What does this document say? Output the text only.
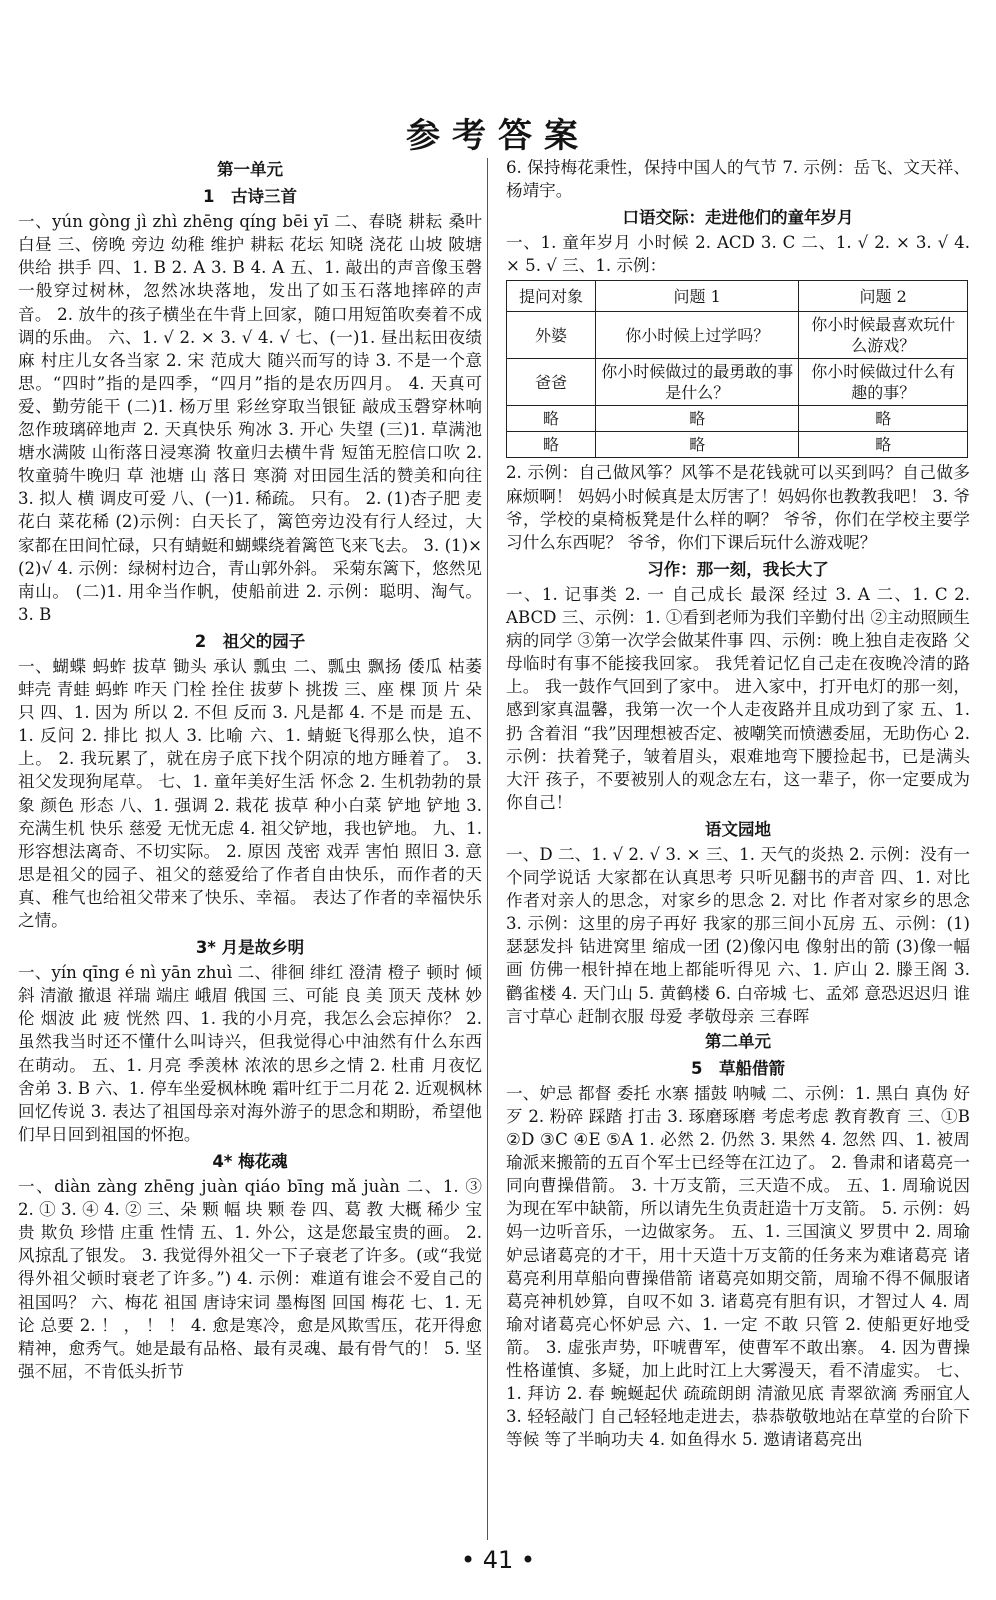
参考答案
第一单元
1　古诗三首

一、yún gòng jì zhì zhēng qíng bēi yī 二、春晓 耕耘 桑叶 白昼 三、傍晚 旁边 幼稚 维护 耕耘 花坛 知晓 浇花 山坡 陂塘 供给 拱手 四、1. B 2. A 3. B 4. A 五、1. 敲出的声音像玉磬一般穿过树林，忽然冰块落地，发出了如玉石落地摔碎的声音。 2. 放牛的孩子横坐在牛背上回家，随口用短笛吹奏着不成调的乐曲。 六、1. √ 2. × 3. √ 4. √ 七、(一)1. 昼出耘田夜绩麻 村庄儿女各当家 2. 宋 范成大 随兴而写的诗 3. 不是一个意思。“四时”指的是四季，“四月”指的是农历四月。 4. 天真可爱、勤劳能干 (二)1. 杨万里 彩丝穿取当银钲 敲成玉磬穿林响 忽作玻璃碎地声 2. 天真快乐 殉冰 3. 开心 失望 (三)1. 草满池塘水满陂 山衔落日浸寒漪 牧童归去横牛背 短笛无腔信口吹 2. 牧童骑牛晚归 草 池塘 山 落日 寒漪 对田园生活的赞美和向往 3. 拟人 横 调皮可爱 八、(一)1. 稀疏。 只有。 2. (1)杏子肥 麦花白 菜花稀 (2)示例：白天长了，篱笆旁边没有行人经过，大家都在田间忙碌，只有蜻蜓和蝴蝶绕着篱笆飞来飞去。 3. (1)× (2)√ 4. 示例：绿树村边合，青山郭外斜。 采菊东篱下，悠然见南山。 (二)1. 用伞当作帆，使船前进 2. 示例：聪明、淘气。 3. B

2　祖父的园子

一、蝴蝶 蚂蚱 拔草 锄头 承认 瓢虫 二、瓢虫 飘扬 倭瓜 枯萎 蚌壳 青蛙 蚂蚱 咋天 门栓 拴住 拔萝卜 挑拨 三、座 棵 顶 片 朵 只 四、1. 因为 所以 2. 不但 反而 3. 凡是都 4. 不是 而是 五、1. 反问 2. 排比 拟人 3. 比喻 六、1. 蜻蜓飞得那么快，追不上。 2. 我玩累了，就在房子底下找个阴凉的地方睡着了。 3. 祖父发现狗尾草。 七、1. 童年美好生活 怀念 2. 生机勃勃的景象 颜色 形态 八、1. 强调 2. 栽花 拔草 种小白菜 铲地 铲地 3. 充满生机 快乐 慈爱 无忧无虑 4. 祖父铲地，我也铲地。 九、1. 形容想法离奇、不切实际。 2. 原因 茂密 戏弄 害怕 照旧 3. 意思是祖父的园子、祖父的慈爱给了作者自由快乐，而作者的天真、稚气也给祖父带来了快乐、幸福。 表达了作者的幸福快乐之情。

3* 月是故乡明

一、yín qīng é nì yān zhuì 二、徘徊 绯红 澄清 橙子 顿时 倾斜 清澈 撤退 祥瑞 端庄 峨眉 俄国 三、可能 良 美 顶天 茂林 妙 伦 烟波 此 疲 恍然 四、1. 我的小月亮，我怎么会忘掉你？ 2. 虽然我当时还不懂什么叫诗兴，但我觉得心中油然有什么东西在萌动。 五、1. 月亮 季羡林 浓浓的思乡之情 2. 杜甫 月夜忆舍弟 3. B 六、1. 停车坐爱枫林晚 霜叶红于二月花 2. 近观枫林 回忆传说 3. 表达了祖国母亲对海外游子的思念和期盼，希望他们早日回到祖国的怀抱。

4* 梅花魂

一、diàn zàng zhēng juàn qiáo bīng mǎ juàn 二、1. ③ 2. ① 3. ④ 4. ② 三、朵 颗 幅 块 颗 卷 四、葛 教 大概 稀少 宝贵 欺负 珍惜 庄重 性情 五、1. 外公，这是您最宝贵的画。 2. 风掠乱了银发。 3. 我觉得外祖父一下子衰老了许多。(或“我觉得外祖父顿时衰老了许多。”) 4. 示例：难道有谁会不爱自己的祖国吗？ 六、梅花 祖国 唐诗宋词 墨梅图 回国 梅花 七、1. 无论 总要 2. ！ ， ！ ！ 4. 愈是寒冷，愈是风欺雪压，花开得愈精神，愈秀气。她是最有品格、最有灵魂、最有骨气的！ 5. 坚强不屈，不肯低头折节

6. 保持梅花秉性，保持中国人的气节 7. 示例：岳飞、文天祥、杨靖宇。

口语交际：走进他们的童年岁月

一、1. 童年岁月 小时候 2. ACD 3. C 二、1. √ 2. × 3. √ 4. × 5. √ 三、1. 示例：

提问对象	问题 1	问题 2
外婆	你小时候上过学吗？	你小时候最喜欢玩什么游戏？
爸爸	你小时候做过的最勇敢的事是什么？	你小时候做过什么有趣的事？
略	略	略
略	略	略

2. 示例：自己做风筝？风筝不是花钱就可以买到吗？自己做多麻烦啊！ 妈妈小时候真是太厉害了！妈妈你也教教我吧！ 3. 爷爷，学校的桌椅板凳是什么样的啊？ 爷爷，你们在学校主要学习什么东西呢？ 爷爷，你们下课后玩什么游戏呢？

习作：那一刻，我长大了

一、1. 记事类 2. 一 自己成长 最深 经过 3. A 二、1. C 2. ABCD 三、示例：1. ①看到老师为我们辛勤付出 ②主动照顾生病的同学 ③第一次学会做某件事 四、示例：晚上独自走夜路 父母临时有事不能接我回家。 我凭着记忆自己走在夜晚冷清的路上。 我一鼓作气回到了家中。 进入家中，打开电灯的那一刻，感到家真温馨，我第一次一个人走夜路并且成功到了家 五、1. 扔 含着泪 “我”因理想被否定、被嘲笑而愤懑委屈，无助伤心 2. 示例：扶着凳子，皱着眉头，艰难地弯下腰捡起书，已是满头大汗 孩子，不要被别人的观念左右，这一辈子，你一定要成为你自己！

语文园地

一、D 二、1. √ 2. √ 3. × 三、1. 天气的炎热 2. 示例：没有一个同学说话 大家都在认真思考 只听见翻书的声音 四、1. 对比 作者对亲人的思念，对家乡的思念 2. 对比 作者对家乡的思念 3. 示例：这里的房子再好 我家的那三间小瓦房 五、示例：(1)瑟瑟发抖 钻进窝里 缩成一团 (2)像闪电 像射出的箭 (3)像一幅画 仿佛一根针掉在地上都能听得见 六、1. 庐山 2. 滕王阁 3. 鹳雀楼 4. 天门山 5. 黄鹤楼 6. 白帝城 七、孟郊 意恐迟迟归 谁言寸草心 赶制衣服 母爱 孝敬母亲 三春晖

第二单元
5　草船借箭

一、妒忌 都督 委托 水寨 擂鼓 呐喊 二、示例：1. 黑白 真伪 好歹 2. 粉碎 踩踏 打击 3. 琢磨琢磨 考虑考虑 教育教育 三、①B ②D ③C ④E ⑤A 1. 必然 2. 仍然 3. 果然 4. 忽然 四、1. 被周瑜派来搬箭的五百个军士已经等在江边了。 2. 鲁肃和诸葛亮一同向曹操借箭。 3. 十万支箭，三天造不成。 五、1. 周瑜说因为现在军中缺箭，所以请先生负责赶造十万支箭。 5. 示例：妈妈一边听音乐，一边做家务。 五、1. 三国演义 罗贯中 2. 周瑜妒忌诸葛亮的才干，用十天造十万支箭的任务来为难诸葛亮 诸葛亮利用草船向曹操借箭 诸葛亮如期交箭，周瑜不得不佩服诸葛亮神机妙算，自叹不如 3. 诸葛亮有胆有识，才智过人 4. 周瑜对诸葛亮心怀妒忌 六、1. 一定 不敢 只管 2. 使船更好地受箭。 3. 虚张声势，吓唬曹军，使曹军不敢出寨。 4. 因为曹操性格谨慎、多疑，加上此时江上大雾漫天，看不清虚实。 七、1. 拜访 2. 春 蜿蜒起伏 疏疏朗朗 清澈见底 青翠欲滴 秀丽宜人 3. 轻轻敲门 自己轻轻地走进去，恭恭敬敬地站在草堂的台阶下等候 等了半晌功夫 4. 如鱼得水 5. 邀请诸葛亮出

• 41 •
